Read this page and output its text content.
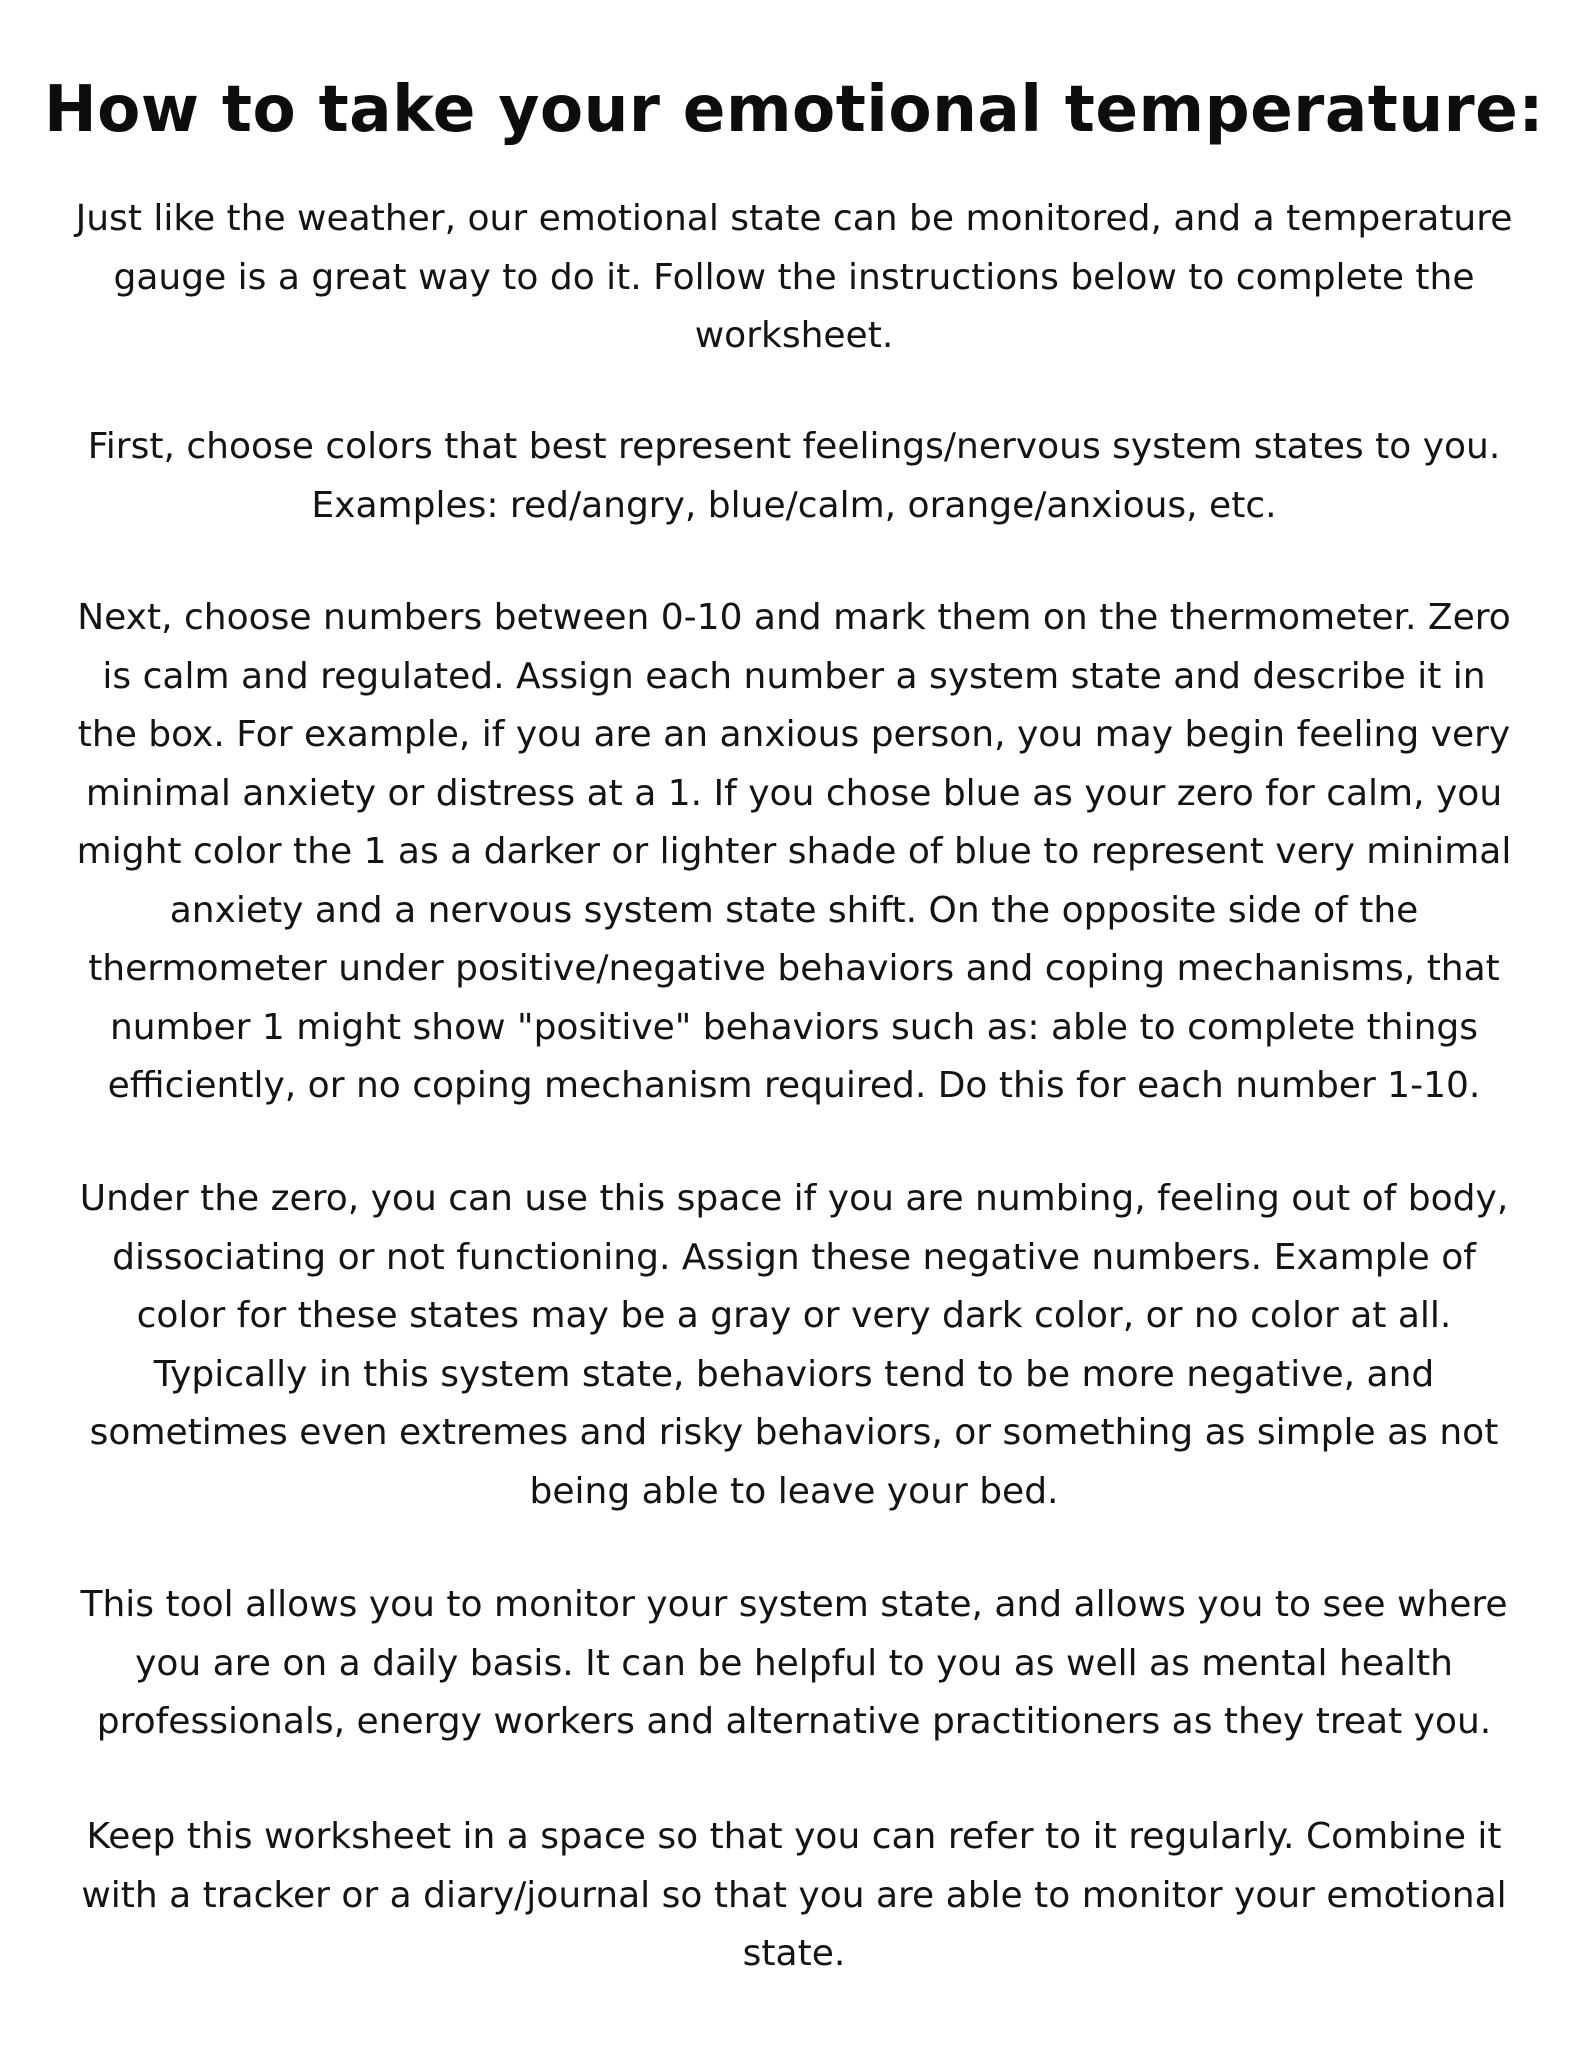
How to take your emotional temperature:

Just like the weather, our emotional state can be monitored, and a temperature
gauge is a great way to do it. Follow the instructions below to complete the
worksheet.

First, choose colors that best represent feelings/nervous system states to you.
Examples: red/angry, blue/calm, orange/anxious, etc.

Next, choose numbers between 0-10 and mark them on the thermometer. Zero
is calm and regulated. Assign each number a system state and describe it in
the box. For example, if you are an anxious person, you may begin feeling very
minimal anxiety or distress at a 1. If you chose blue as your zero for calm, you
might color the 1 as a darker or lighter shade of blue to represent very minimal
anxiety and a nervous system state shift. On the opposite side of the
thermometer under positive/negative behaviors and coping mechanisms, that
number 1 might show "positive" behaviors such as: able to complete things
efficiently, or no coping mechanism required. Do this for each number 1-10.

Under the zero, you can use this space if you are numbing, feeling out of body,
dissociating or not functioning. Assign these negative numbers. Example of
color for these states may be a gray or very dark color, or no color at all.
Typically in this system state, behaviors tend to be more negative, and
sometimes even extremes and risky behaviors, or something as simple as not
being able to leave your bed.

This tool allows you to monitor your system state, and allows you to see where
you are on a daily basis. It can be helpful to you as well as mental health
professionals, energy workers and alternative practitioners as they treat you.

Keep this worksheet in a space so that you can refer to it regularly. Combine it
with a tracker or a diary/journal so that you are able to monitor your emotional
state.
